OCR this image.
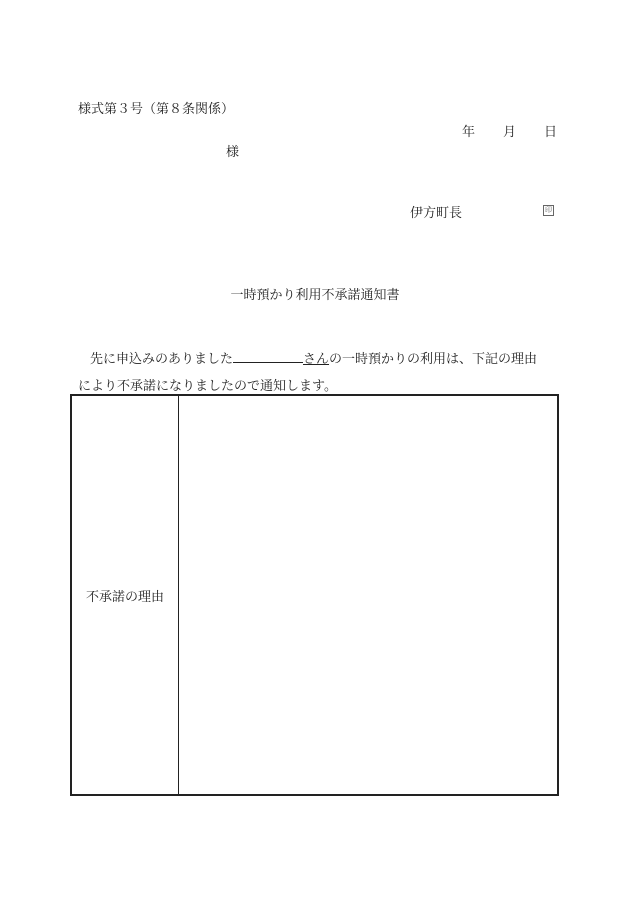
様式第３号（第８条関係）
年 月 日
様
伊方町長	印
一時預かり利用不承諾通知書
先に申込みのありました	さんの一時預かりの利用は、下記の理由
により不承諾になりましたので通知します。
不承諾の理由
